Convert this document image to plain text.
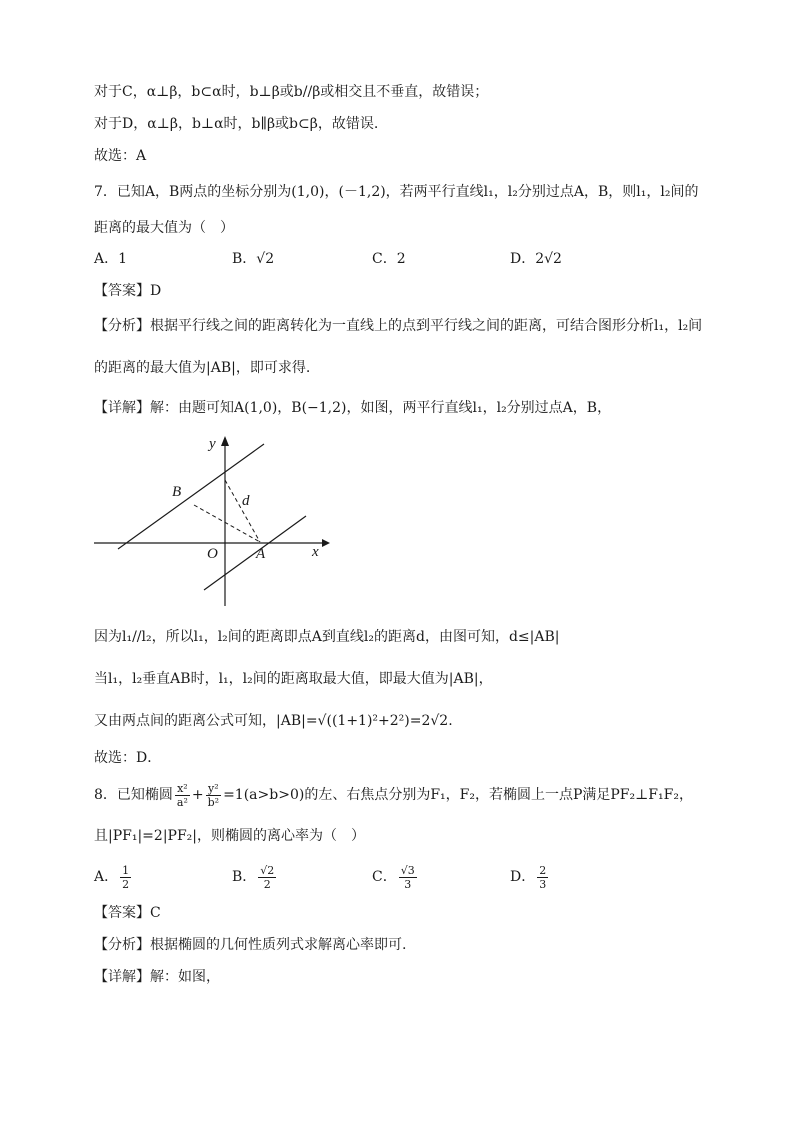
对于C，α⊥β，b⊂α时，b⊥β或b//β或相交且不垂直，故错误；
对于D，α⊥β，b⊥α时，b∥β或b⊂β，故错误.
故选：A
7．已知A，B两点的坐标分别为(1,0)，(－1,2)，若两平行直线l₁，l₂分别过点A，B，则l₁，l₂间的
距离的最大值为（　）
A．1	B．√2	C．2	D．2√2
【答案】D
【分析】根据平行线之间的距离转化为一直线上的点到平行线之间的距离，可结合图形分析l₁，l₂间
的距离的最大值为|AB|，即可求得.
【详解】解：由题可知A(1,0)，B(−1,2)，如图，两平行直线l₁，l₂分别过点A，B，
y
B
d
O	A	x
因为l₁//l₂，所以l₁，l₂间的距离即点A到直线l₂的距离d，由图可知，d≤|AB|
当l₁，l₂垂直AB时，l₁，l₂间的距离取最大值，即最大值为|AB|，
又由两点间的距离公式可知，|AB|=√((1+1)²+2²)=2√2.
故选：D．
8．已知椭圆 $\frac{\text{x²}}{\text{a²}} + \frac{\text{y²}}{\text{b²}} =1(a>b>0)$的左、右焦点分别为F₁，F₂，若椭圆上一点P满足PF₂⊥F₁F₂，
且|PF₁|=2|PF₂|，则椭圆的离心率为（　）
A． $\frac{1}{2}$	B． $\frac{√2}{2}$	C． $\frac{√3}{3}$	D． $\frac{2}{3}$
【答案】C
【分析】根据椭圆的几何性质列式求解离心率即可.
【详解】解：如图，
